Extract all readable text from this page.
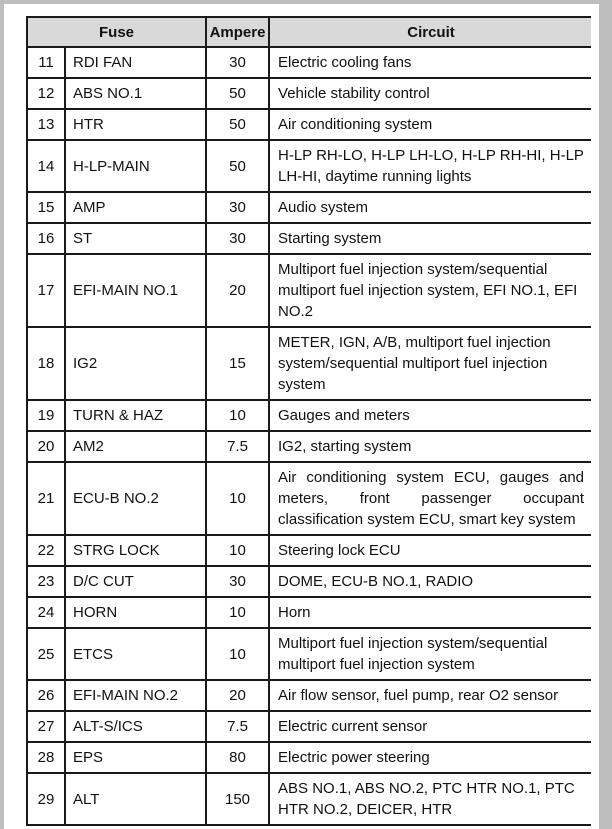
Fuse		Ampere	Circuit
11	RDI FAN	30	Electric cooling fans
12	ABS NO.1	50	Vehicle stability control
13	HTR	50	Air conditioning system
14	H-LP-MAIN	50	H-LP RH-LO, H-LP LH-LO, H-LP RH-HI, H-LP LH-HI, daytime running lights
15	AMP	30	Audio system
16	ST	30	Starting system
17	EFI-MAIN NO.1	20	Multiport fuel injection system/sequential multiport fuel injection system, EFI NO.1, EFI NO.2
18	IG2	15	METER, IGN, A/B, multiport fuel injection system/sequential multiport fuel injection system
19	TURN & HAZ	10	Gauges and meters
20	AM2	7.5	IG2, starting system
21	ECU-B NO.2	10	Air conditioning system ECU, gauges and meters, front passenger occupant classification system ECU, smart key system
22	STRG LOCK	10	Steering lock ECU
23	D/C CUT	30	DOME, ECU-B NO.1, RADIO
24	HORN	10	Horn
25	ETCS	10	Multiport fuel injection system/sequential multiport fuel injection system
26	EFI-MAIN NO.2	20	Air flow sensor, fuel pump, rear O2 sensor
27	ALT-S/ICS	7.5	Electric current sensor
28	EPS	80	Electric power steering
29	ALT	150	ABS NO.1, ABS NO.2, PTC HTR NO.1, PTC HTR NO.2, DEICER, HTR
